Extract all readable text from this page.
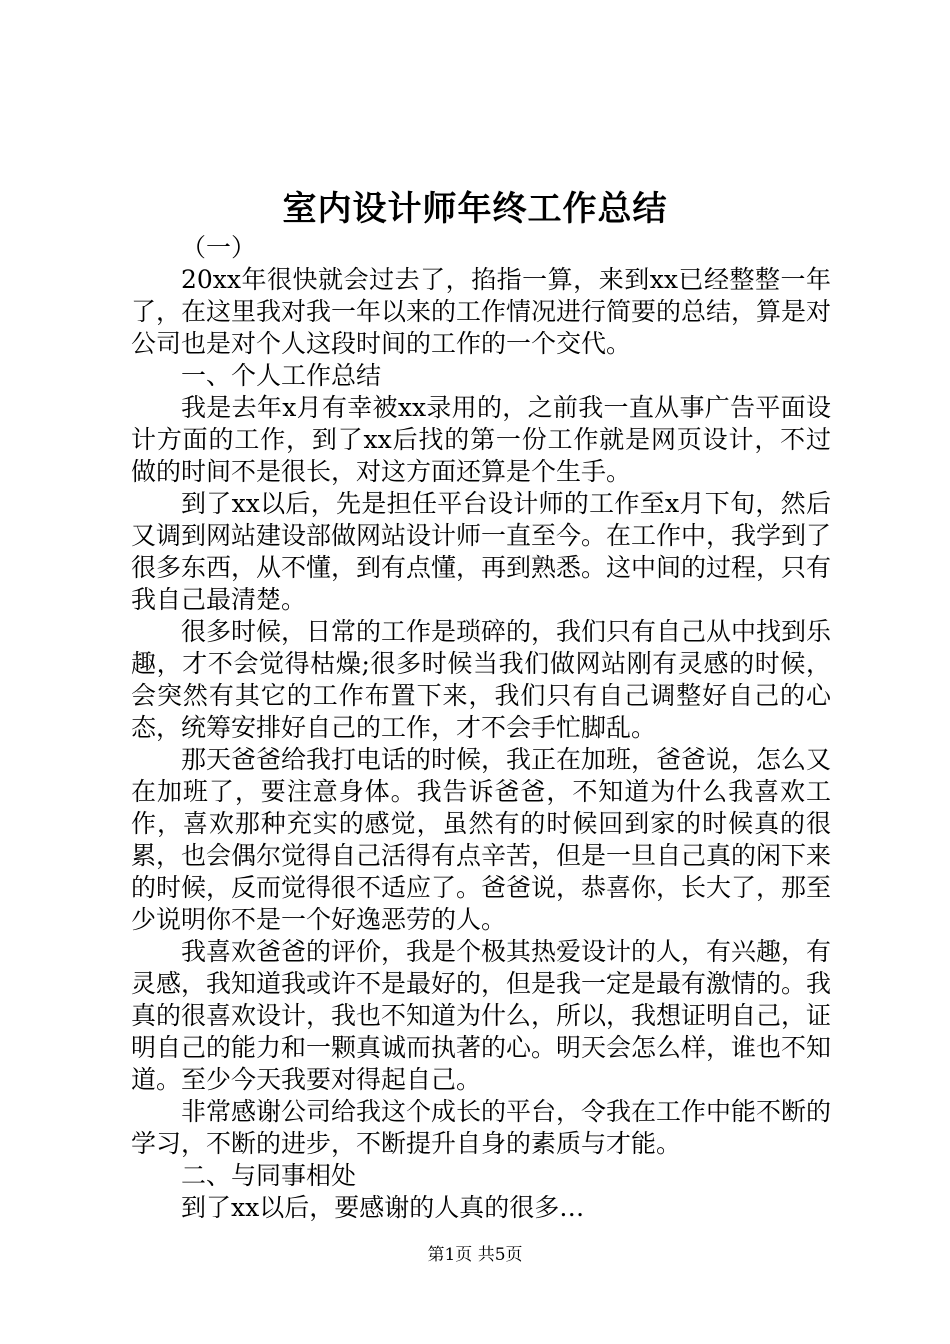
室内设计师年终工作总结

（一）

20xx年很快就会过去了，掐指一算，来到xx已经整整一年了，在这里我对我一年以来的工作情况进行简要的总结，算是对公司也是对个人这段时间的工作的一个交代。

一、个人工作总结

我是去年x月有幸被xx录用的，之前我一直从事广告平面设计方面的工作，到了xx后找的第一份工作就是网页设计，不过做的时间不是很长，对这方面还算是个生手。

到了xx以后，先是担任平台设计师的工作至x月下旬，然后又调到网站建设部做网站设计师一直至今。在工作中，我学到了很多东西，从不懂，到有点懂，再到熟悉。这中间的过程，只有我自己最清楚。

很多时候，日常的工作是琐碎的，我们只有自己从中找到乐趣，才不会觉得枯燥;很多时候当我们做网站刚有灵感的时候，会突然有其它的工作布置下来，我们只有自己调整好自己的心态，统筹安排好自己的工作，才不会手忙脚乱。

那天爸爸给我打电话的时候，我正在加班，爸爸说，怎么又在加班了，要注意身体。我告诉爸爸，不知道为什么我喜欢工作，喜欢那种充实的感觉，虽然有的时候回到家的时候真的很累，也会偶尔觉得自己活得有点辛苦，但是一旦自己真的闲下来的时候，反而觉得很不适应了。爸爸说，恭喜你，长大了，那至少说明你不是一个好逸恶劳的人。

我喜欢爸爸的评价，我是个极其热爱设计的人，有兴趣，有灵感，我知道我或许不是最好的，但是我一定是最有激情的。我真的很喜欢设计，我也不知道为什么，所以，我想证明自己，证明自己的能力和一颗真诚而执著的心。明天会怎么样，谁也不知道。至少今天我要对得起自己。

非常感谢公司给我这个成长的平台，令我在工作中能不断的学习，不断的进步，不断提升自身的素质与才能。

二、与同事相处

到了xx以后，要感谢的人真的很多…

第1页 共5页
